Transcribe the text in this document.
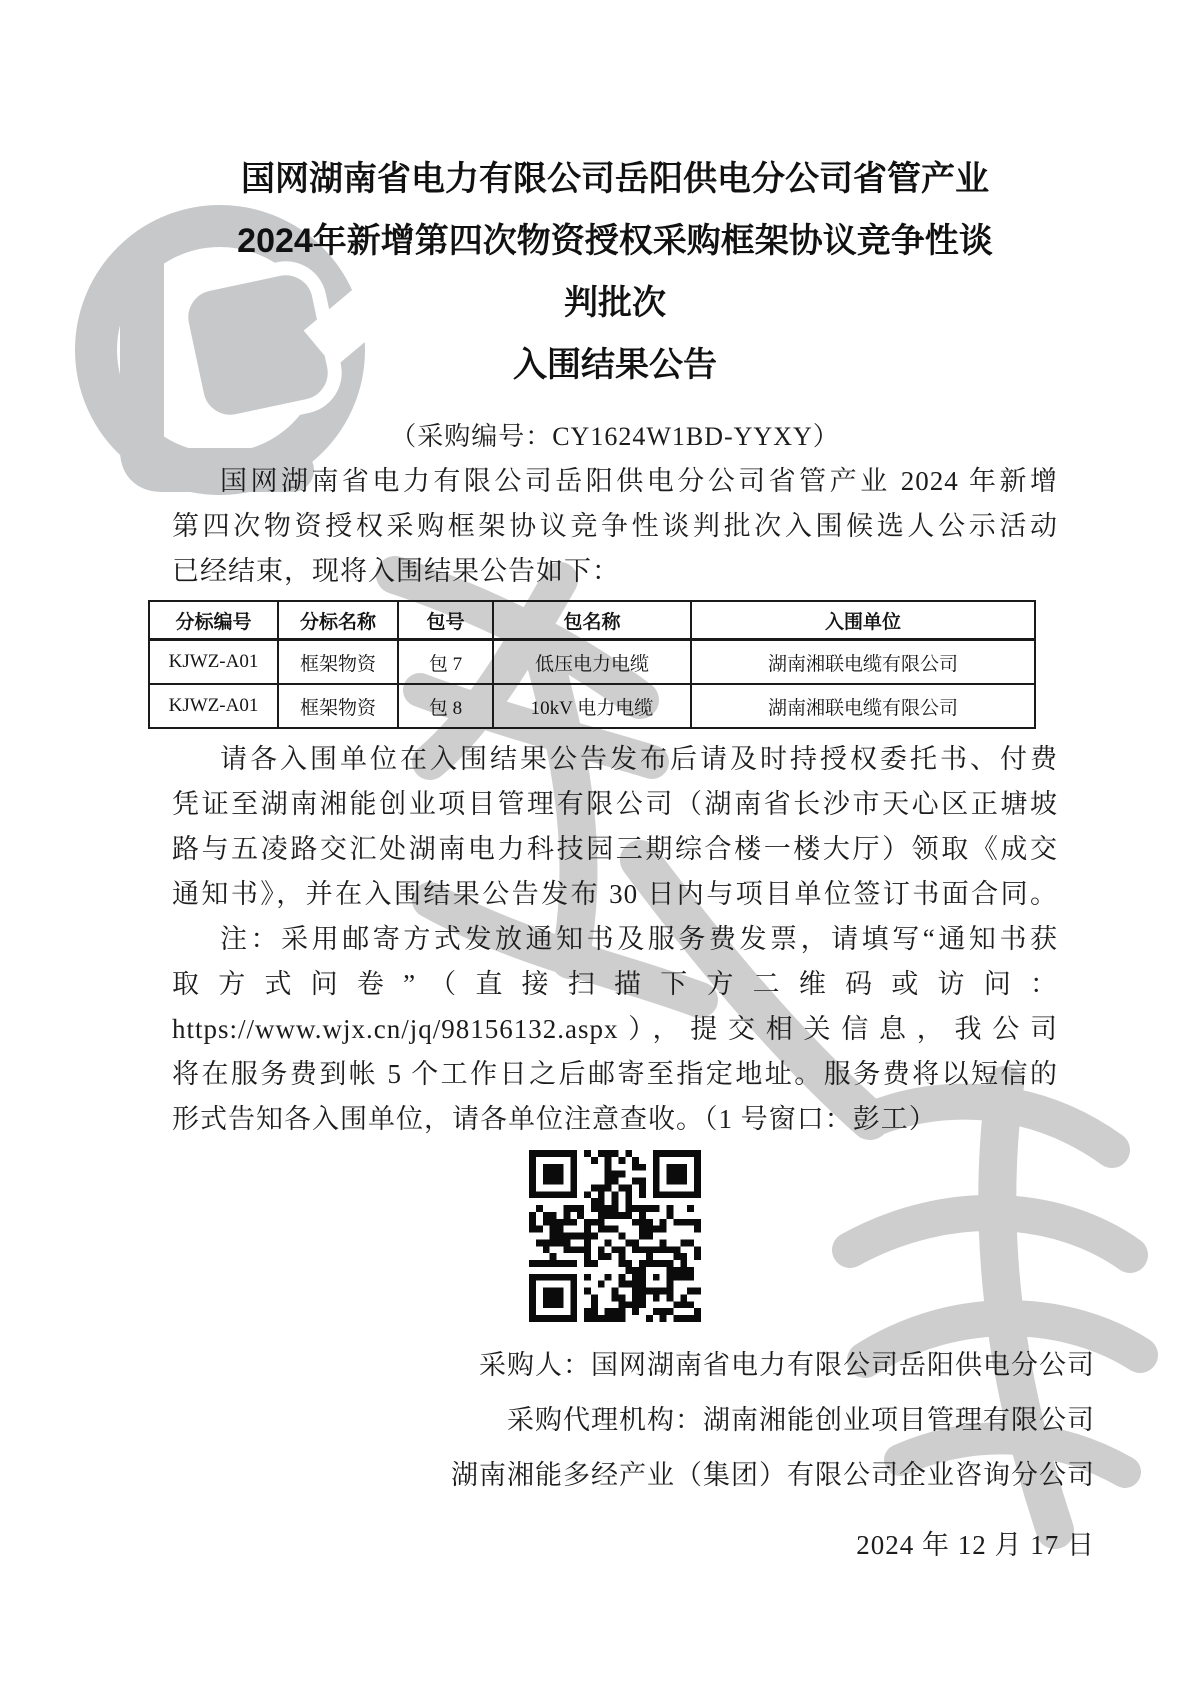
国网湖南省电力有限公司岳阳供电分公司省管产业
2024年新增第四次物资授权采购框架协议竞争性谈
判批次
入围结果公告
（采购编号：CY1624W1BD-YYXY）
国网湖南省电力有限公司岳阳供电分公司省管产业 2024 年新增
第四次物资授权采购框架协议竞争性谈判批次入围候选人公示活动
已经结束，现将入围结果公告如下：
分标编号	分标名称	包号	包名称	入围单位
KJWZ-A01	框架物资	包 7	低压电力电缆	湖南湘联电缆有限公司
KJWZ-A01	框架物资	包 8	10kV 电力电缆	湖南湘联电缆有限公司
请各入围单位在入围结果公告发布后请及时持授权委托书、付费
凭证至湖南湘能创业项目管理有限公司（湖南省长沙市天心区正塘坡
路与五凌路交汇处湖南电力科技园三期综合楼一楼大厅）领取《成交
通知书》，并在入围结果公告发布 30 日内与项目单位签订书面合同。
注：采用邮寄方式发放通知书及服务费发票，请填写“通知书获
取 方 式 问 卷 ” （ 直 接 扫 描 下 方 二 维 码 或 访 问 ：
https://www.wjx.cn/jq/98156132.aspx），提交相关信息，我公司
将在服务费到帐 5 个工作日之后邮寄至指定地址。服务费将以短信的
形式告知各入围单位，请各单位注意查收。（1 号窗口：彭工）
采购人：国网湖南省电力有限公司岳阳供电分公司
采购代理机构：湖南湘能创业项目管理有限公司
湖南湘能多经产业（集团）有限公司企业咨询分公司
2024 年 12 月 17 日
